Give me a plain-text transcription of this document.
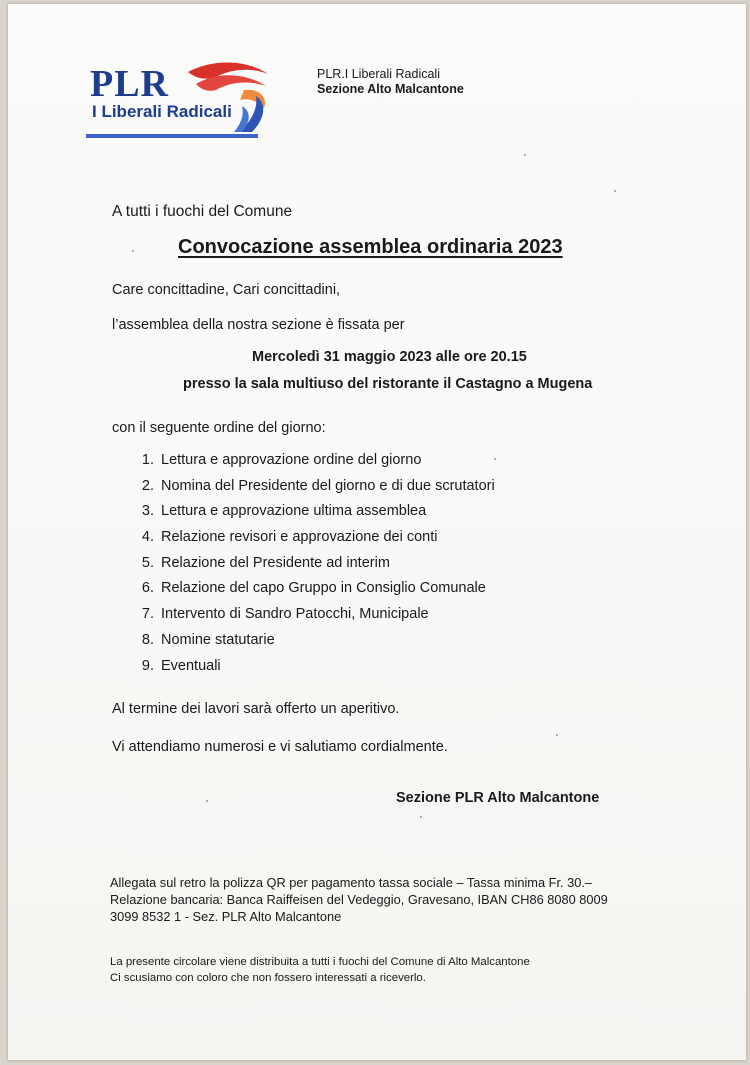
PLR
I Liberali Radicali
PLR.I Liberali Radicali
Sezione Alto Malcantone
A tutti i fuochi del Comune
Convocazione assemblea ordinaria 2023
Care concittadine, Cari concittadini,
l’assemblea della nostra sezione è fissata per
Mercoledì 31 maggio 2023 alle ore 20.15
presso la sala multiuso del ristorante il Castagno a Mugena
con il seguente ordine del giorno:
1. Lettura e approvazione ordine del giorno
2. Nomina del Presidente del giorno e di due scrutatori
3. Lettura e approvazione ultima assemblea
4. Relazione revisori e approvazione dei conti
5. Relazione del Presidente ad interim
6. Relazione del capo Gruppo in Consiglio Comunale
7. Intervento di Sandro Patocchi, Municipale
8. Nomine statutarie
9. Eventuali
Al termine dei lavori sarà offerto un aperitivo.
Vi attendiamo numerosi e vi salutiamo cordialmente.
Sezione PLR Alto Malcantone
Allegata sul retro la polizza QR per pagamento tassa sociale – Tassa minima Fr. 30.–
Relazione bancaria: Banca Raiffeisen del Vedeggio, Gravesano, IBAN CH86 8080 8009
3099 8532 1 - Sez. PLR Alto Malcantone
La presente circolare viene distribuita a tutti i fuochi del Comune di Alto Malcantone
Ci scusiamo con coloro che non fossero interessati a riceverlo.
